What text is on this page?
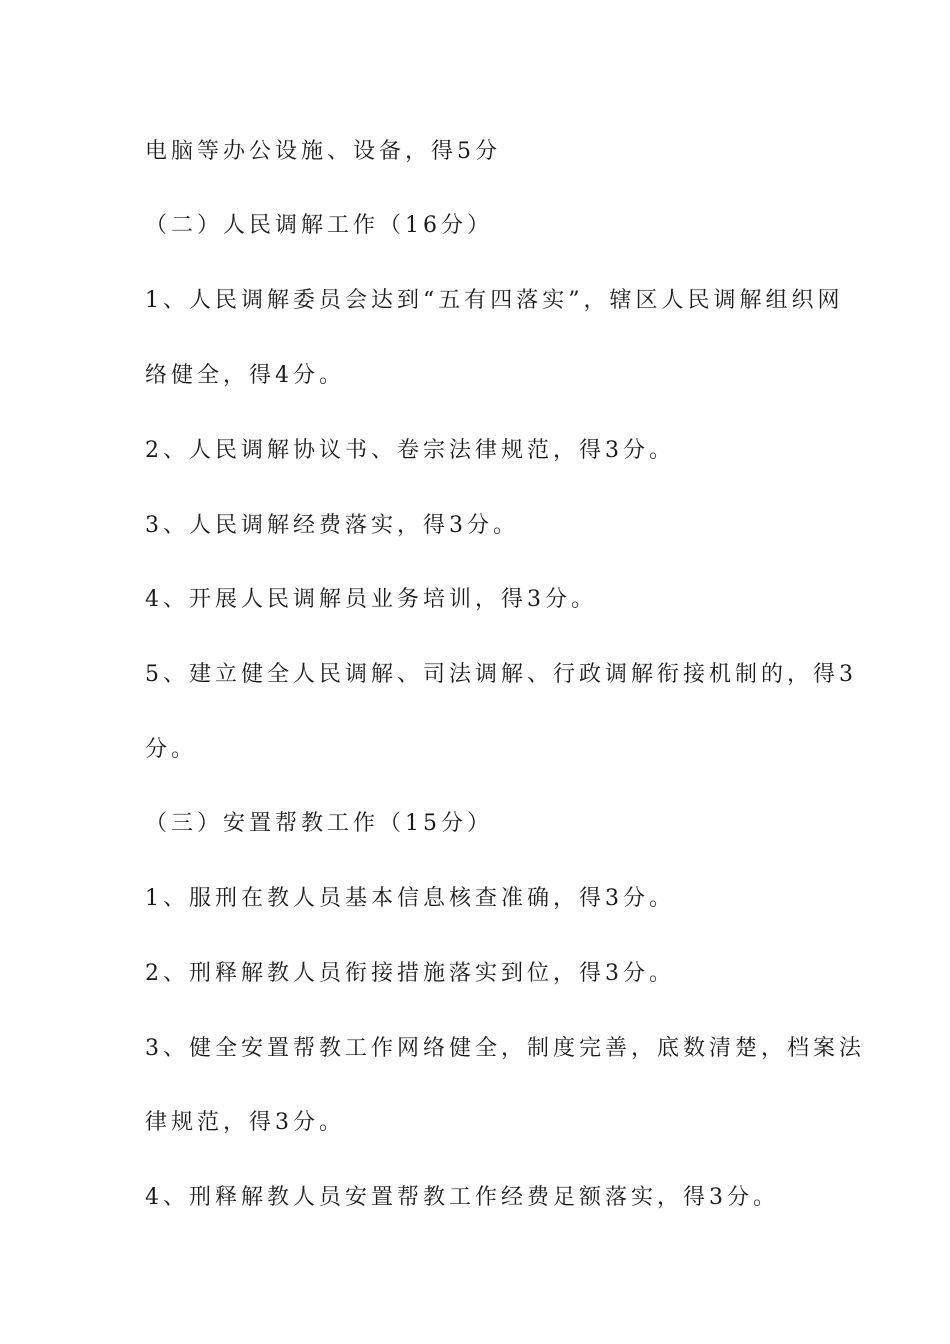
电脑等办公设施、设备，得5分
（二）人民调解工作（16分）
1、人民调解委员会达到“五有四落实”，辖区人民调解组织网
络健全，得4分。
2、人民调解协议书、卷宗法律规范，得3分。
3、人民调解经费落实，得3分。
4、开展人民调解员业务培训，得3分。
5、建立健全人民调解、司法调解、行政调解衔接机制的，得3
分。
（三）安置帮教工作（15分）
1、服刑在教人员基本信息核查准确，得3分。
2、刑释解教人员衔接措施落实到位，得3分。
3、健全安置帮教工作网络健全，制度完善，底数清楚，档案法
律规范，得3分。
4、刑释解教人员安置帮教工作经费足额落实，得3分。
